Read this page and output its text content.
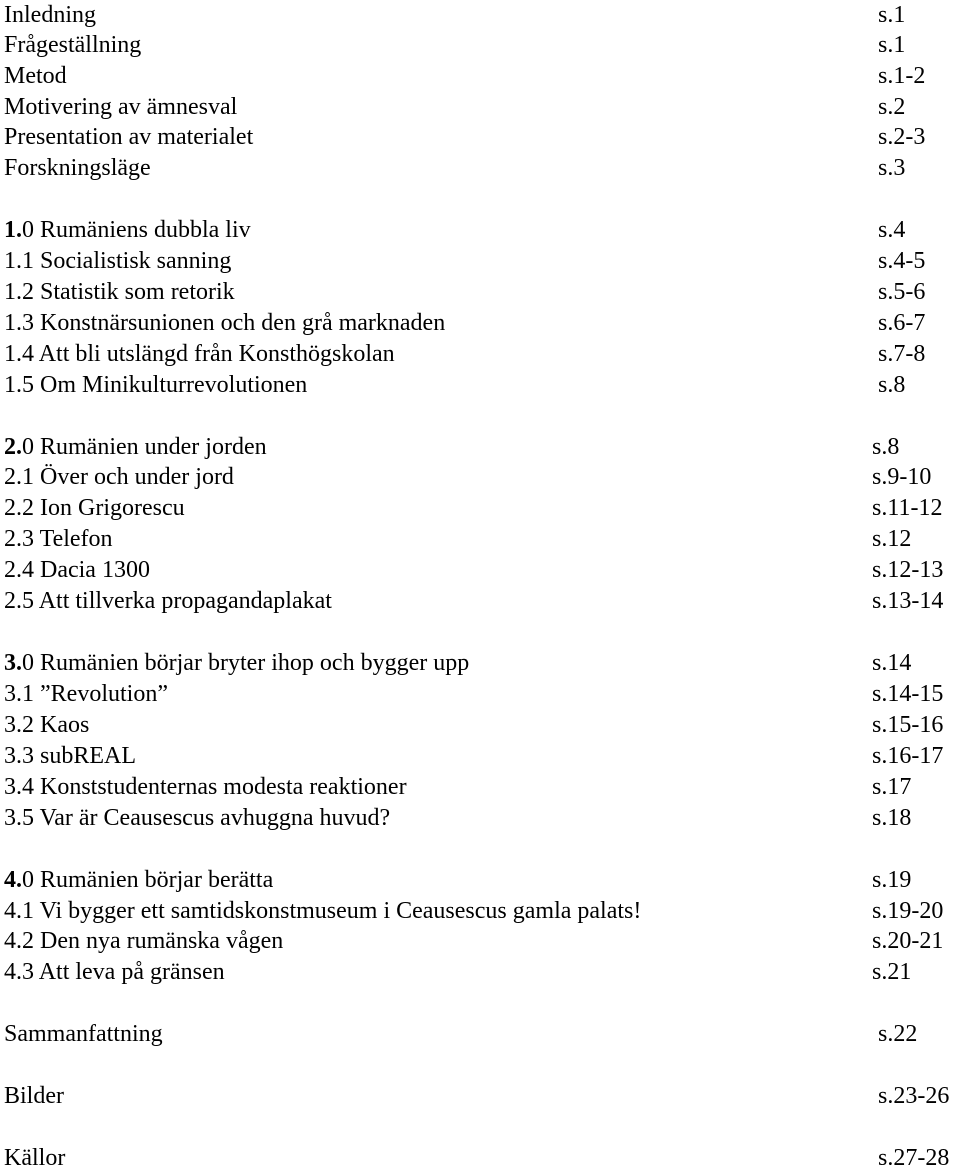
Inledning	s.1
Frågeställning	s.1
Metod	s.1-2
Motivering av ämnesval	s.2
Presentation av materialet	s.2-3
Forskningsläge	s.3
1.0 Rumäniens dubbla liv	s.4
1.1 Socialistisk sanning	s.4-5
1.2 Statistik som retorik	s.5-6
1.3 Konstnärsunionen och den grå marknaden	s.6-7
1.4 Att bli utslängd från Konsthögskolan	s.7-8
1.5 Om Minikulturrevolutionen	s.8
2.0 Rumänien under jorden	s.8
2.1 Över och under jord	s.9-10
2.2 Ion Grigorescu	s.11-12
2.3 Telefon	s.12
2.4 Dacia 1300	s.12-13
2.5 Att tillverka propagandaplakat	s.13-14
3.0 Rumänien börjar bryter ihop och bygger upp	s.14
3.1 ”Revolution”	s.14-15
3.2 Kaos	s.15-16
3.3 subREAL	s.16-17
3.4 Konststudenternas modesta reaktioner	s.17
3.5 Var är Ceausescus avhuggna huvud?	s.18
4.0 Rumänien börjar berätta	s.19
4.1 Vi bygger ett samtidskonstmuseum i Ceausescus gamla palats!	s.19-20
4.2 Den nya rumänska vågen	s.20-21
4.3 Att leva på gränsen	s.21
Sammanfattning	s.22
Bilder	s.23-26
Källor	s.27-28
